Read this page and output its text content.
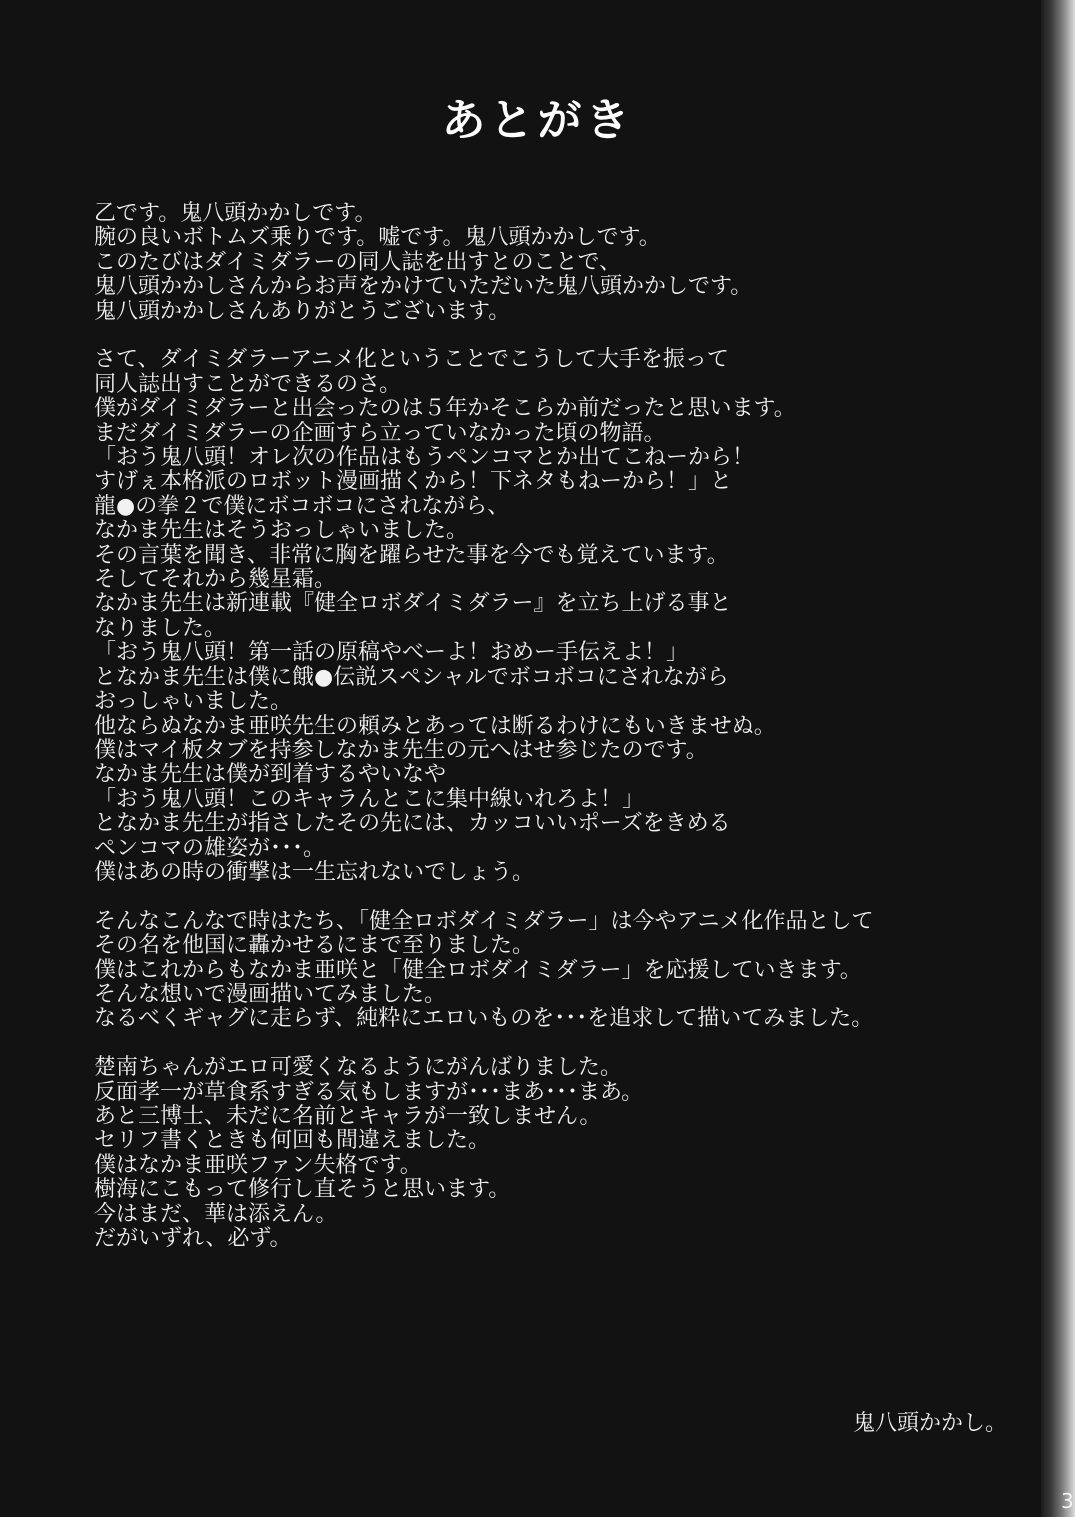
あとがき
乙です。鬼八頭かかしです。
腕の良いボトムズ乗りです。嘘です。鬼八頭かかしです。
このたびはダイミダラーの同人誌を出すとのことで、
鬼八頭かかしさんからお声をかけていただいた鬼八頭かかしです。
鬼八頭かかしさんありがとうございます。
さて、ダイミダラーアニメ化ということでこうして大手を振って
同人誌出すことができるのさ。
僕がダイミダラーと出会ったのは５年かそこらか前だったと思います。
まだダイミダラーの企画すら立っていなかった頃の物語。
「おう鬼八頭！オレ次の作品はもうペンコマとか出てこねーから！
すげぇ本格派のロボット漫画描くから！下ネタもねーから！」と
龍●の拳２で僕にボコボコにされながら、
なかま先生はそうおっしゃいました。
その言葉を聞き、非常に胸を躍らせた事を今でも覚えています。
そしてそれから幾星霜。
なかま先生は新連載『健全ロボダイミダラー』を立ち上げる事と
なりました。
「おう鬼八頭！第一話の原稿やべーよ！おめー手伝えよ！」
となかま先生は僕に餓●伝説スペシャルでボコボコにされながら
おっしゃいました。
他ならぬなかま亜咲先生の頼みとあっては断るわけにもいきませぬ。
僕はマイ板タブを持参しなかま先生の元へはせ参じたのです。
なかま先生は僕が到着するやいなや
「おう鬼八頭！このキャラんとこに集中線いれろよ！」
となかま先生が指さしたその先には、カッコいいポーズをきめる
ペンコマの雄姿が･･･。
僕はあの時の衝撃は一生忘れないでしょう。
そんなこんなで時はたち、「健全ロボダイミダラー」は今やアニメ化作品として
その名を他国に轟かせるにまで至りました。
僕はこれからもなかま亜咲と「健全ロボダイミダラー」を応援していきます。
そんな想いで漫画描いてみました。
なるべくギャグに走らず、純粋にエロいものを･･･を追求して描いてみました。
楚南ちゃんがエロ可愛くなるようにがんばりました。
反面孝一が草食系すぎる気もしますが･･･まあ･･･まあ。
あと三博士、未だに名前とキャラが一致しません。
セリフ書くときも何回も間違えました。
僕はなかま亜咲ファン失格です。
樹海にこもって修行し直そうと思います。
今はまだ、華は添えん。
だがいずれ、必ず。
鬼八頭かかし。
3
